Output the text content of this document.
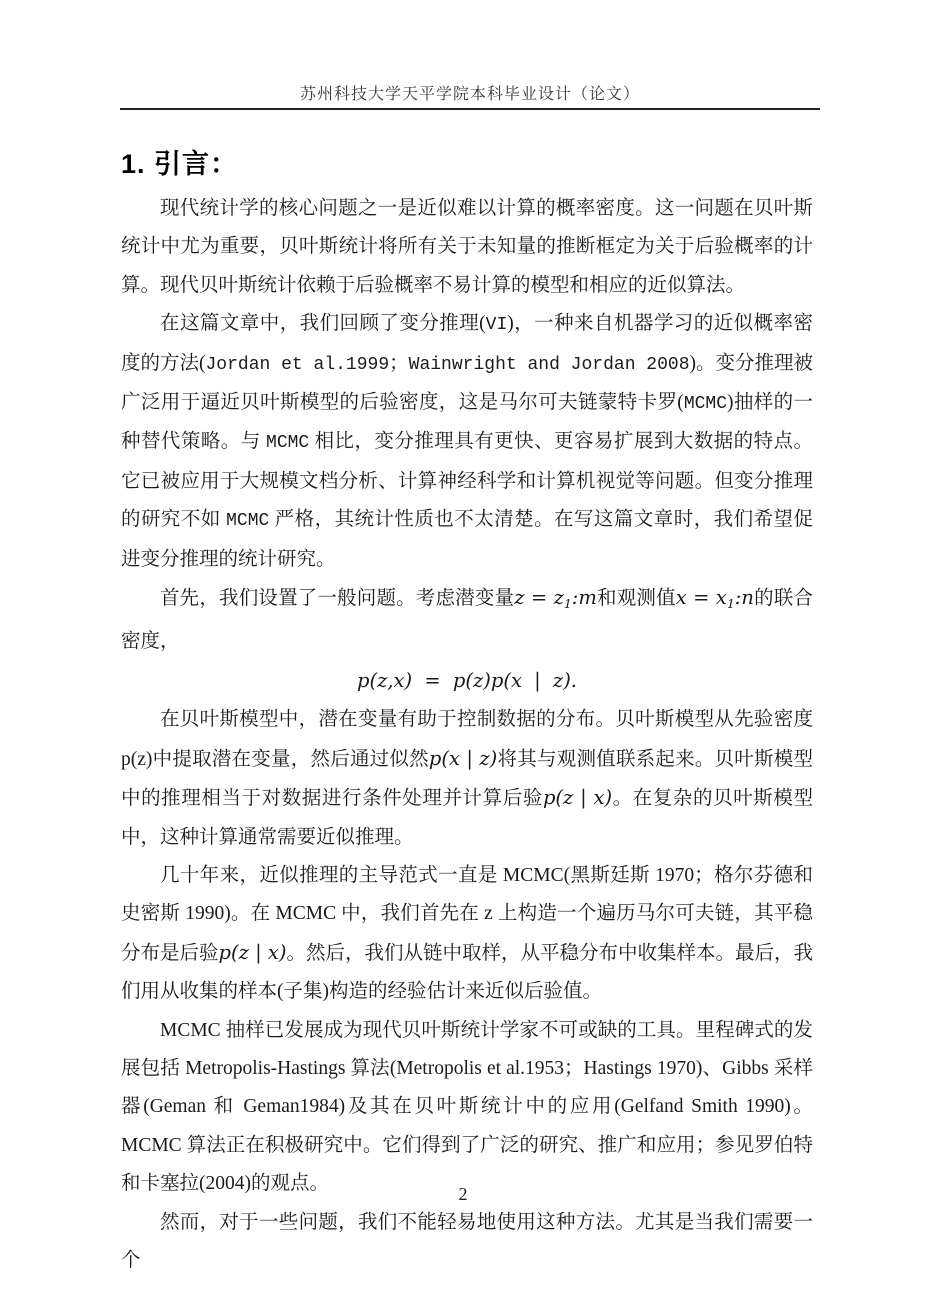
苏州科技大学天平学院本科毕业设计（论文）
1. 引言：

现代统计学的核心问题之一是近似难以计算的概率密度。这一问题在贝叶斯统计中尤为重要，贝叶斯统计将所有关于未知量的推断框定为关于后验概率的计算。现代贝叶斯统计依赖于后验概率不易计算的模型和相应的近似算法。

在这篇文章中，我们回顾了变分推理(VI)，一种来自机器学习的近似概率密度的方法(Jordan et al.1999；Wainwright and Jordan 2008)。变分推理被广泛用于逼近贝叶斯模型的后验密度，这是马尔可夫链蒙特卡罗(MCMC)抽样的一种替代策略。与 MCMC 相比，变分推理具有更快、更容易扩展到大数据的特点。它已被应用于大规模文档分析、计算神经科学和计算机视觉等问题。但变分推理的研究不如 MCMC 严格，其统计性质也不太清楚。在写这篇文章时，我们希望促进变分推理的统计研究。

首先，我们设置了一般问题。考虑潜变量$z = z_1:m$和观测值$x = x_1:n$的联合密度，

p(z,x) = p(z)p(x | z).

在贝叶斯模型中，潜在变量有助于控制数据的分布。贝叶斯模型从先验密度 p(z)中提取潜在变量，然后通过似然p(x | z)将其与观测值联系起来。贝叶斯模型中的推理相当于对数据进行条件处理并计算后验p(z | x)。在复杂的贝叶斯模型中，这种计算通常需要近似推理。

几十年来，近似推理的主导范式一直是 MCMC(黑斯廷斯 1970；格尔芬德和史密斯 1990)。在 MCMC 中，我们首先在 z 上构造一个遍历马尔可夫链，其平稳分布是后验p(z | x)。然后，我们从链中取样，从平稳分布中收集样本。最后，我们用从收集的样本(子集)构造的经验估计来近似后验值。

MCMC 抽样已发展成为现代贝叶斯统计学家不可或缺的工具。里程碑式的发展包括 Metropolis-Hastings 算法(Metropolis et al.1953；Hastings 1970)、Gibbs 采样器(Geman 和 Geman1984)及其在贝叶斯统计中的应用(Gelfand Smith 1990)。MCMC 算法正在积极研究中。它们得到了广泛的研究、推广和应用；参见罗伯特和卡塞拉(2004)的观点。

然而，对于一些问题，我们不能轻易地使用这种方法。尤其是当我们需要一个

2
